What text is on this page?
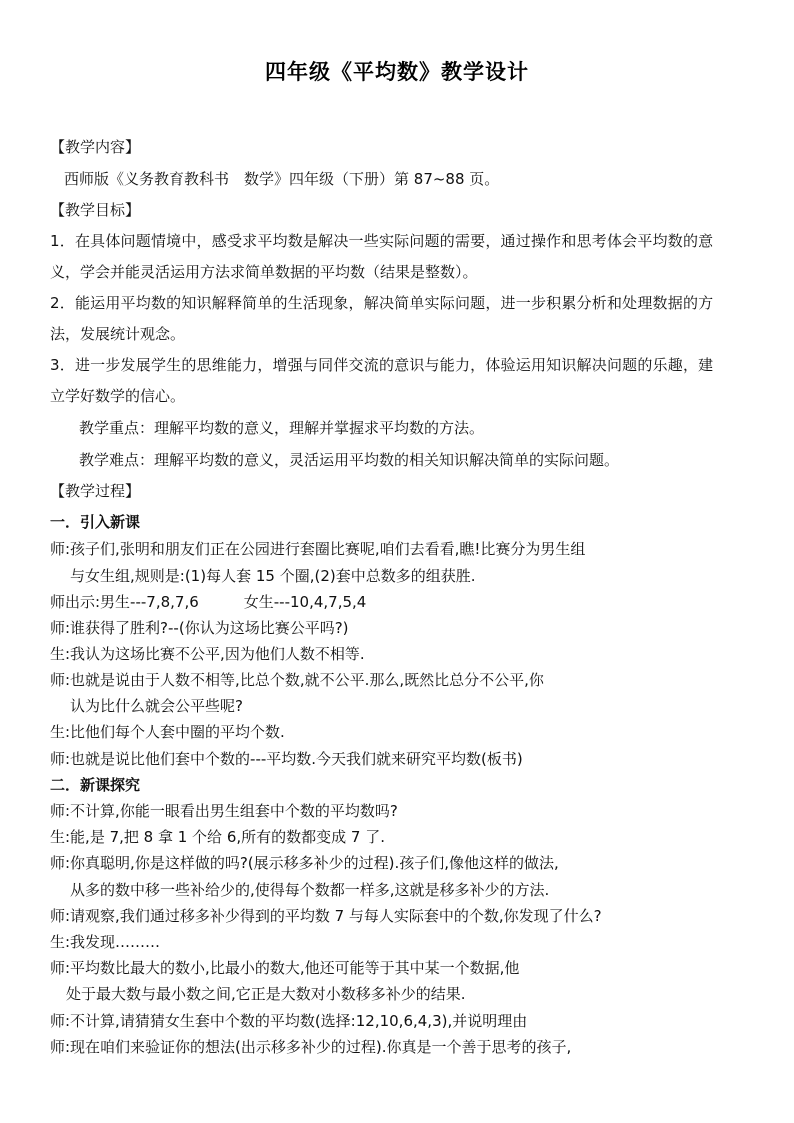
四年级《平均数》教学设计
【教学内容】
西师版《义务教育教科书　数学》四年级（下册）第 87~88 页。
【教学目标】
1．在具体问题情境中，感受求平均数是解决一些实际问题的需要，通过操作和思考体会平均数的意
义，学会并能灵活运用方法求简单数据的平均数（结果是整数）。
2．能运用平均数的知识解释简单的生活现象，解决简单实际问题，进一步积累分析和处理数据的方
法，发展统计观念。
3．进一步发展学生的思维能力，增强与同伴交流的意识与能力，体验运用知识解决问题的乐趣，建
立学好数学的信心。
教学重点：理解平均数的意义，理解并掌握求平均数的方法。
教学难点：理解平均数的意义，灵活运用平均数的相关知识解决简单的实际问题。
【教学过程】
一．引入新课
师:孩子们,张明和朋友们正在公园进行套圈比赛呢,咱们去看看,瞧!比赛分为男生组
与女生组,规则是:(1)每人套 15 个圈,(2)套中总数多的组获胜.
师出示:男生---7,8,7,6　　　女生---10,4,7,5,4
师:谁获得了胜利?--(你认为这场比赛公平吗?)
生:我认为这场比赛不公平,因为他们人数不相等.
师:也就是说由于人数不相等,比总个数,就不公平.那么,既然比总分不公平,你
认为比什么就会公平些呢?
生:比他们每个人套中圈的平均个数.
师:也就是说比他们套中个数的---平均数.今天我们就来研究平均数(板书)
二．新课探究
师:不计算,你能一眼看出男生组套中个数的平均数吗?
生:能,是 7,把 8 拿 1 个给 6,所有的数都变成 7 了.
师:你真聪明,你是这样做的吗?(展示移多补少的过程).孩子们,像他这样的做法,
从多的数中移一些补给少的,使得每个数都一样多,这就是移多补少的方法.
师:请观察,我们通过移多补少得到的平均数 7 与每人实际套中的个数,你发现了什么?
生:我发现………
师:平均数比最大的数小,比最小的数大,他还可能等于其中某一个数据,他
处于最大数与最小数之间,它正是大数对小数移多补少的结果.
师:不计算,请猜猜女生套中个数的平均数(选择:12,10,6,4,3),并说明理由
师:现在咱们来验证你的想法(出示移多补少的过程).你真是一个善于思考的孩子,
